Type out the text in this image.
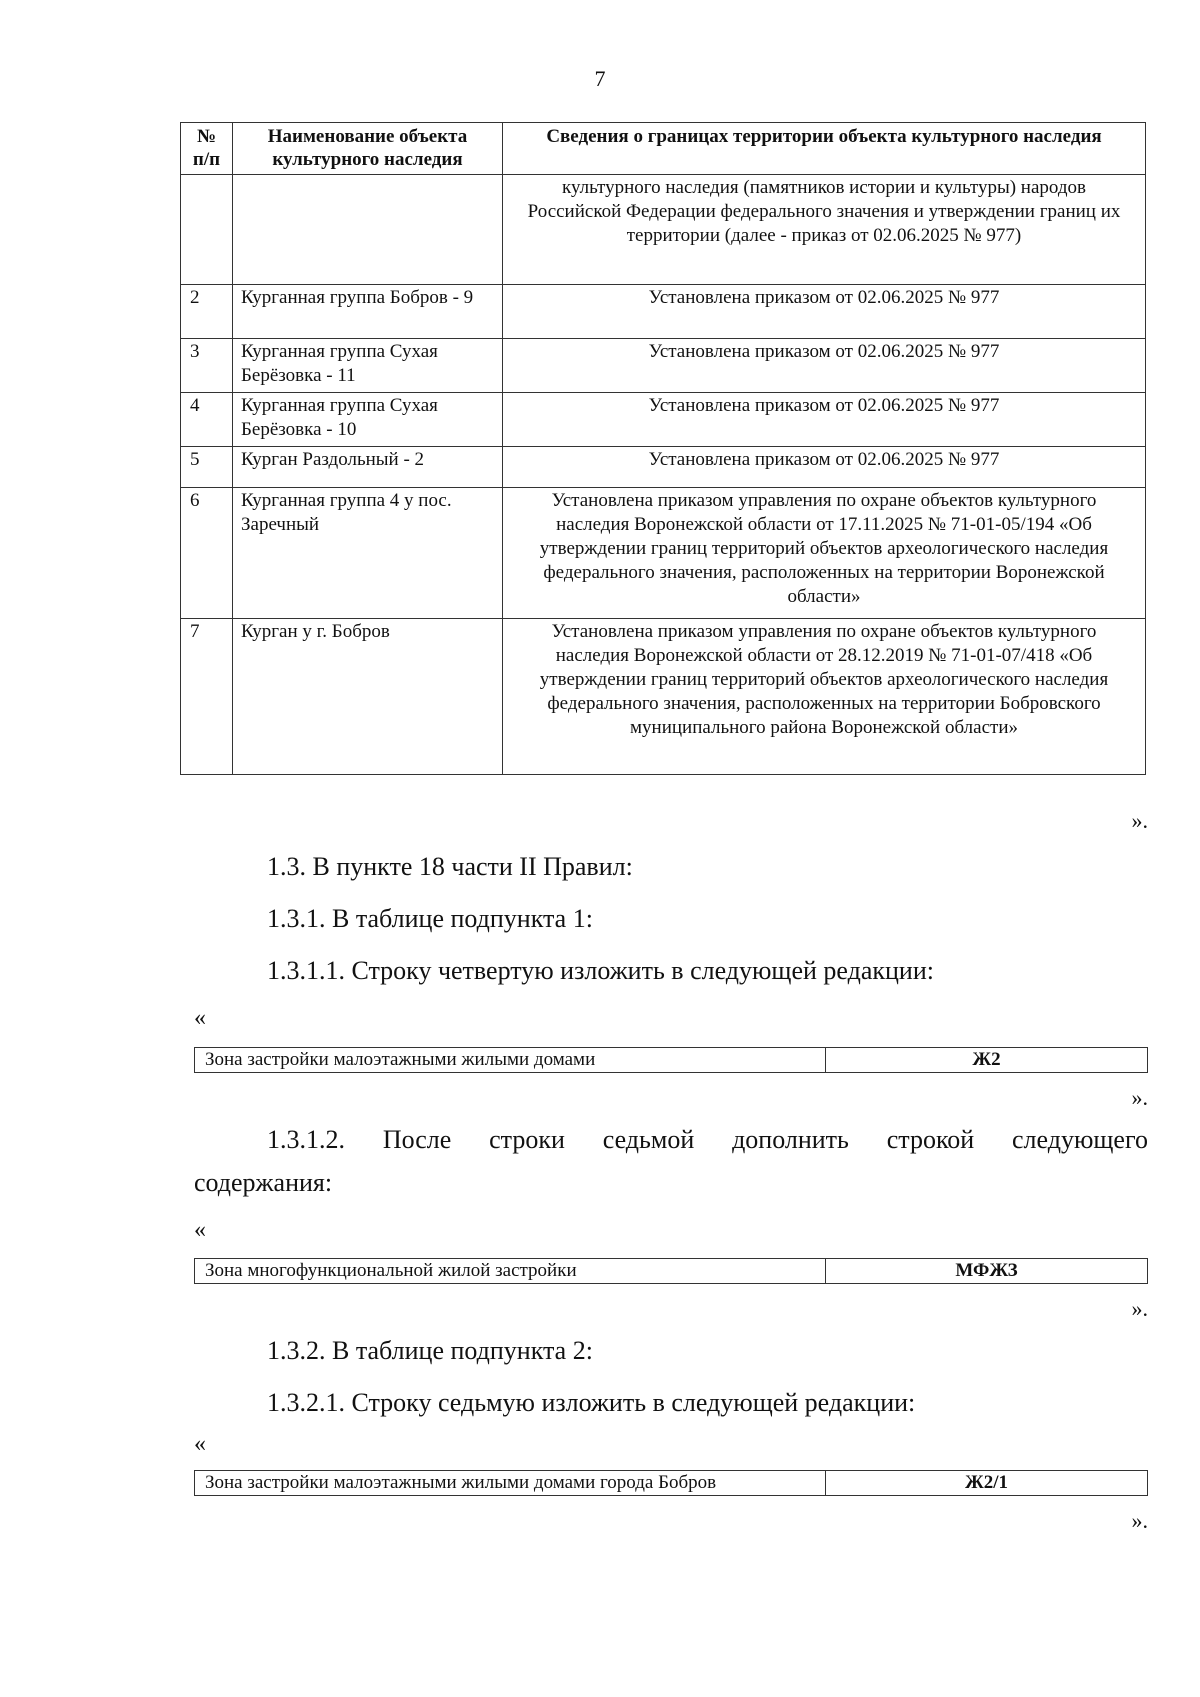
7
№ п/п	Наименование объекта культурного наследия	Сведения о границах территории объекта культурного наследия
		культурного наследия (памятников истории и культуры) народов Российской Федерации федерального значения и утверждении границ их территории (далее - приказ от 02.06.2025 № 977)
2	Курганная группа Бобров - 9	Установлена приказом от 02.06.2025 № 977
3	Курганная группа Сухая Берёзовка - 11	Установлена приказом от 02.06.2025 № 977
4	Курганная группа Сухая Берёзовка - 10	Установлена приказом от 02.06.2025 № 977
5	Курган Раздольный - 2	Установлена приказом от 02.06.2025 № 977
6	Курганная группа 4 у пос. Заречный	Установлена приказом управления по охране объектов культурного наследия Воронежской области от 17.11.2025 № 71-01-05/194 «Об утверждении границ территорий объектов археологического наследия федерального значения, расположенных на территории Воронежской области»
7	Курган у г. Бобров	Установлена приказом управления по охране объектов культурного наследия Воронежской области от 28.12.2019 № 71-01-07/418 «Об утверждении границ территорий объектов археологического наследия федерального значения, расположенных на территории Бобровского муниципального района Воронежской области»
».
1.3. В пункте 18 части II Правил:
1.3.1. В таблице подпункта 1:
1.3.1.1. Строку четвертую изложить в следующей редакции:
«
Зона застройки малоэтажными жилыми домами	Ж2
».
1.3.1.2. После строки седьмой дополнить строкой следующего
содержания:
«
Зона многофункциональной жилой застройки	МФЖЗ
».
1.3.2. В таблице подпункта 2:
1.3.2.1. Строку седьмую изложить в следующей редакции:
«
Зона застройки малоэтажными жилыми домами города Бобров	Ж2/1
».
